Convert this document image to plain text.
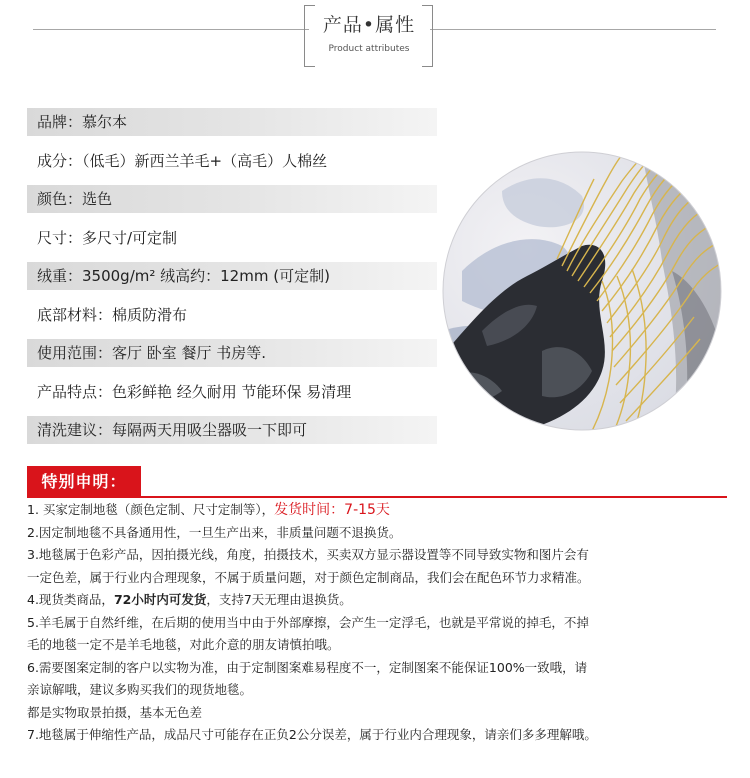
产品•属性
Product attributes
品牌：慕尔本
成分：（低毛）新西兰羊毛+（高毛）人棉丝
颜色：选色
尺寸：多尺寸/可定制
绒重：3500g/m² 绒高约：12mm (可定制)
底部材料：棉质防滑布
使用范围：客厅 卧室 餐厅 书房等.
产品特点：色彩鲜艳 经久耐用 节能环保 易清理
清洗建议：每隔两天用吸尘器吸一下即可
特别申明：
1. 买家定制地毯（颜色定制、尺寸定制等），发货时间：7-15天
2.因定制地毯不具备通用性，一旦生产出来，非质量问题不退换货。
3.地毯属于色彩产品，因拍摄光线，角度，拍摄技术，买卖双方显示器设置等不同导致实物和图片会有
一定色差，属于行业内合理现象，不属于质量问题，对于颜色定制商品，我们会在配色环节力求精准。
4.现货类商品，72小时内可发货，支持7天无理由退换货。
5.羊毛属于自然纤维，在后期的使用当中由于外部摩擦，会产生一定浮毛，也就是平常说的掉毛，不掉
毛的地毯一定不是羊毛地毯，对此介意的朋友请慎拍哦。
6.需要图案定制的客户以实物为准，由于定制图案难易程度不一，定制图案不能保证100%一致哦，请
亲谅解哦，建议多购买我们的现货地毯。
都是实物取景拍摄，基本无色差
7.地毯属于伸缩性产品，成品尺寸可能存在正负2公分误差，属于行业内合理现象，请亲们多多理解哦。
